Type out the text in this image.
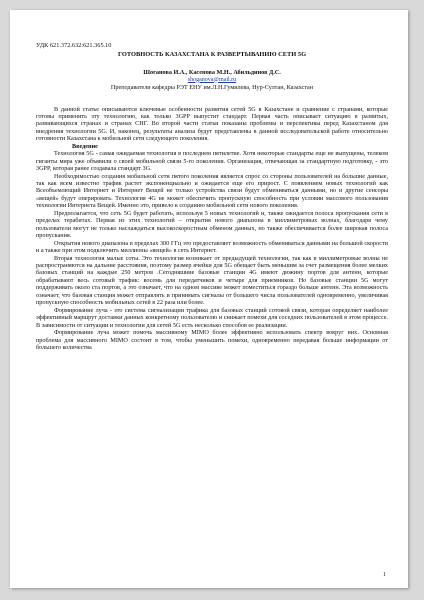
УДК 621.372.632:621.365.10
ГОТОВНОСТЬ КАЗАХСТАНА К РАЗВЕРТЫВАНИЮ СЕТИ 5G
Шоганова И.А., Касенова М.Н., Абильдинов Д.С.
shoganova@mail.ru
Преподаватели кафедры РЭТ ЕНУ им.Л.Н.Гумилева, Нур-Султан, Казахстан

В данной статье описываются ключевые особенности развития сетей 5G в Казахстане и сравнение с странами, которые готовы применить эту технологию, как только 3GPP выпустит стандарт. Первая часть описывает ситуацию в развитых, развивающихся странах и странах СНГ. Во второй части статьи показаны проблемы и перспективы перед Казахстаном для внедрения технологии 5G. И, наконец, результаты анализа будут представлены в данной исследовательской работе относительно готовности Казахстана к мобильной сети следующего поколения.

Введение

Технология 5G - самая ожидаемая технология в последнем пятилетие. Хотя некоторые стандарты еще не выпущены, телеком гиганты мира уже объявили о своей мобильной связи 5-го поколения. Организация, отвечающая за стандартную подготовку, - это 3GPP, которая ранее создавала стандарт 3G.

Необходимостью создания мобильной сети пятого поколения является спрос со стороны пользователей на большие данные, так как всем известно трафик растет экспоненциально и ожидается еще его прирост. С появлением новых технологий как Всеобъемлющий Интернет и Интернет Вещей не только устройства связи будут обмениваться данными, но и другие сенсоры «вещей» будут оперировать. Технология 4G не может обеспечить пропускную способность при условии массового пользования технологии Интернета Вещей. Именно это, привело к созданию мобильной сети нового поколения.

Предполагается, что сеть 5G будет работать, используя 5 новых технологий и, также ожидается полоса пропускания сети в пределах терабитах. Первая из этих технологий – открытия нового диапазона в миллиметровых волнах, благодаря чему пользователи могут не только наслаждаться высокоскоростным обменом данных, но также обеспечивается более широкая полоса пропускания.

Открытия нового диапазона в пределах 300 ГГц это предоставляет возможность обмениваться данными на большой скорости и а также при этом подключить миллионы «вещей» в сеть Интернет.

Вторая технология малые соты. Это технология возникает от предыдущей технологии, так как в миллиметровые волны не распространяются на дальние расстояния, поэтому размер ячейки для 5G обещает быть меньшим за счет размещения более мелких базовых станций на каждые 250 метров .Сегодняшние базовые станции 4G имеют дюжину портов для антенн, которые обрабатывают весь сотовый трафик: восемь для передатчиков и четыре для приемников. Но базовые станции 5G могут поддерживать около ста портов, а это означает, что на одном массиве может поместиться гораздо больше антенн. Эта возможность означает, что базовая станция может отправлять и принимать сигналы от большего числа пользователей одновременно, увеличивая пропускную способность мобильных сетей в 22 раза или более.

Формирование луча - это система сигнализации трафика для базовых станций сотовой связи, которая определяет наиболее эффективный маршрут доставки данных конкретному пользователю и снижает помехи для соседних пользователей в этом процессе. В зависимости от ситуации и технологии для сетей 5G есть несколько способов ее реализации.

Формирование луча может помочь массивному MIMO более эффективно использовать спектр вокруг них. Основная проблема для массивного MIMO состоит в том, чтобы уменьшить помехи, одновременно передавая больше информации от большего количества

1
